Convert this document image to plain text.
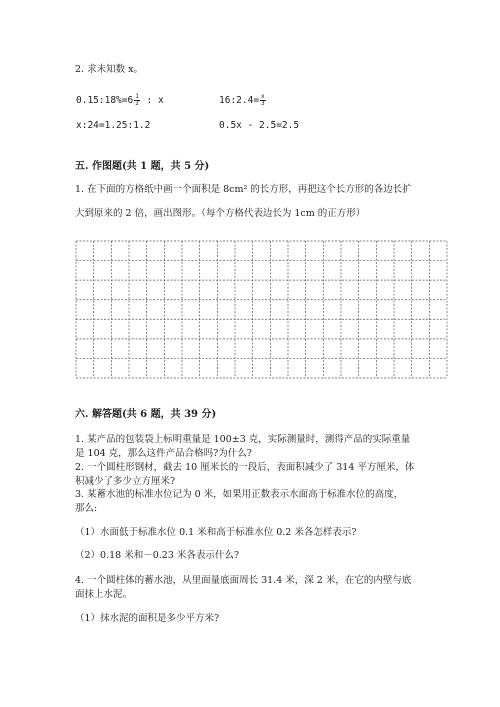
2. 求未知数 x。
0.15:18%=6 $\frac{1}{2}$ : x	16:2.4= $\frac{x}{3}$
x:24=1.25:1.2	0.5x - 2.5=2.5
五. 作图题(共 1 题，共 5 分)
1. 在下面的方格纸中画一个面积是 8cm² 的长方形，再把这个长方形的各边长扩
大到原来的 2 倍，画出图形。（每个方格代表边长为 1cm 的正方形）
六. 解答题(共 6 题，共 39 分)
1. 某产品的包装袋上标明重量是 100±3 克，实际测量时，测得产品的实际重量
是 104 克，那么这件产品合格吗?为什么?
2. 一个圆柱形钢材，截去 10 厘米长的一段后，表面积减少了 314 平方厘米，体
积减少了多少立方厘米?
3. 某蓄水池的标准水位记为 0 米，如果用正数表示水面高于标准水位的高度，
那么:
（1）水面低于标准水位 0.1 米和高于标准水位 0.2 米各怎样表示?
（2）0.18 米和－0.23 米各表示什么?
4. 一个圆柱体的蓄水池，从里面量底面周长 31.4 米，深 2 米，在它的内壁与底
面抹上水泥。
（1）抹水泥的面积是多少平方米?
